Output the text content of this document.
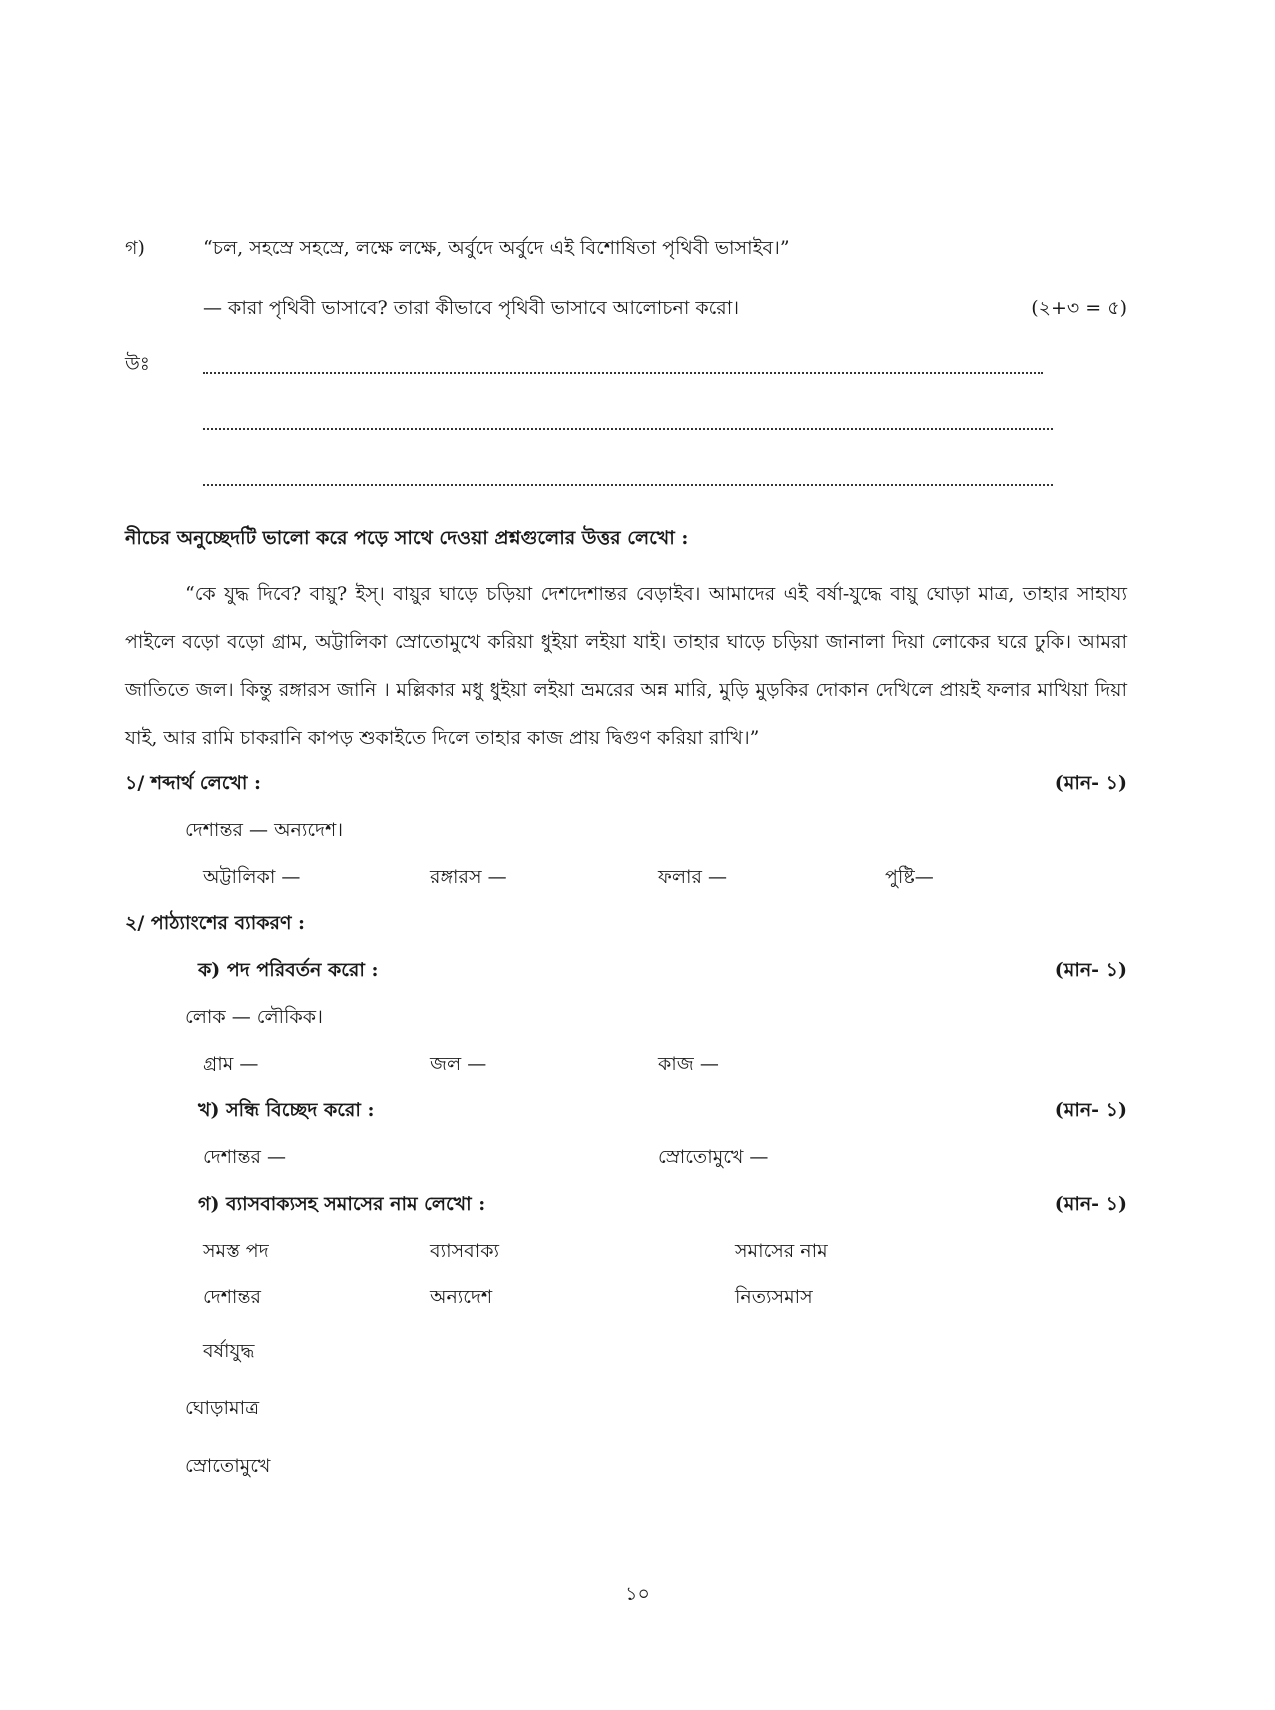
গ)	“চল, সহস্রে সহস্রে, লক্ষে লক্ষে, অর্বুদে অর্বুদে এই বিশোষিতা পৃথিবী ভাসাইব।”
— কারা পৃথিবী ভাসাবে? তারা কীভাবে পৃথিবী ভাসাবে আলোচনা করো।	(২+৩ = ৫)
উঃ
নীচের অনুচ্ছেদটি ভালো করে পড়ে সাথে দেওয়া প্রশ্নগুলোর উত্তর লেখো :
“কে যুদ্ধ দিবে? বায়ু? ইস্। বায়ুর ঘাড়ে চড়িয়া দেশদেশান্তর বেড়াইব। আমাদের এই বর্ষা-যুদ্ধে বায়ু ঘোড়া মাত্র, তাহার সাহায্য পাইলে বড়ো বড়ো গ্রাম, অট্টালিকা স্রোতোমুখে করিয়া ধুইয়া লইয়া যাই। তাহার ঘাড়ে চড়িয়া জানালা দিয়া লোকের ঘরে ঢুকি। আমরা জাতিতে জল। কিন্তু রঙ্গারস জানি । মল্লিকার মধু ধুইয়া লইয়া ভ্রমরের অন্ন মারি, মুড়ি মুড়কির দোকান দেখিলে প্রায়ই ফলার মাখিয়া দিয়া যাই, আর রামি চাকরানি কাপড় শুকাইতে দিলে তাহার কাজ প্রায় দ্বিগুণ করিয়া রাখি।”
১/ শব্দার্থ লেখো :	(মান- ১)
দেশান্তর — অন্যদেশ।
অট্টালিকা —	রঙ্গারস —	ফলার —	পুষ্টি—
২/ পাঠ্যাংশের ব্যাকরণ :
ক) পদ পরিবর্তন করো :	(মান- ১)
লোক — লৌকিক।
গ্রাম —	জল —	কাজ —
খ) সন্ধি বিচ্ছেদ করো :	(মান- ১)
দেশান্তর —	স্রোতোমুখে —
গ) ব্যাসবাক্যসহ সমাসের নাম লেখো :	(মান- ১)
সমস্ত পদ	ব্যাসবাক্য	সমাসের নাম
দেশান্তর	অন্যদেশ	নিত্যসমাস
বর্ষাযুদ্ধ
ঘোড়ামাত্র
স্রোতোমুখে
১০
